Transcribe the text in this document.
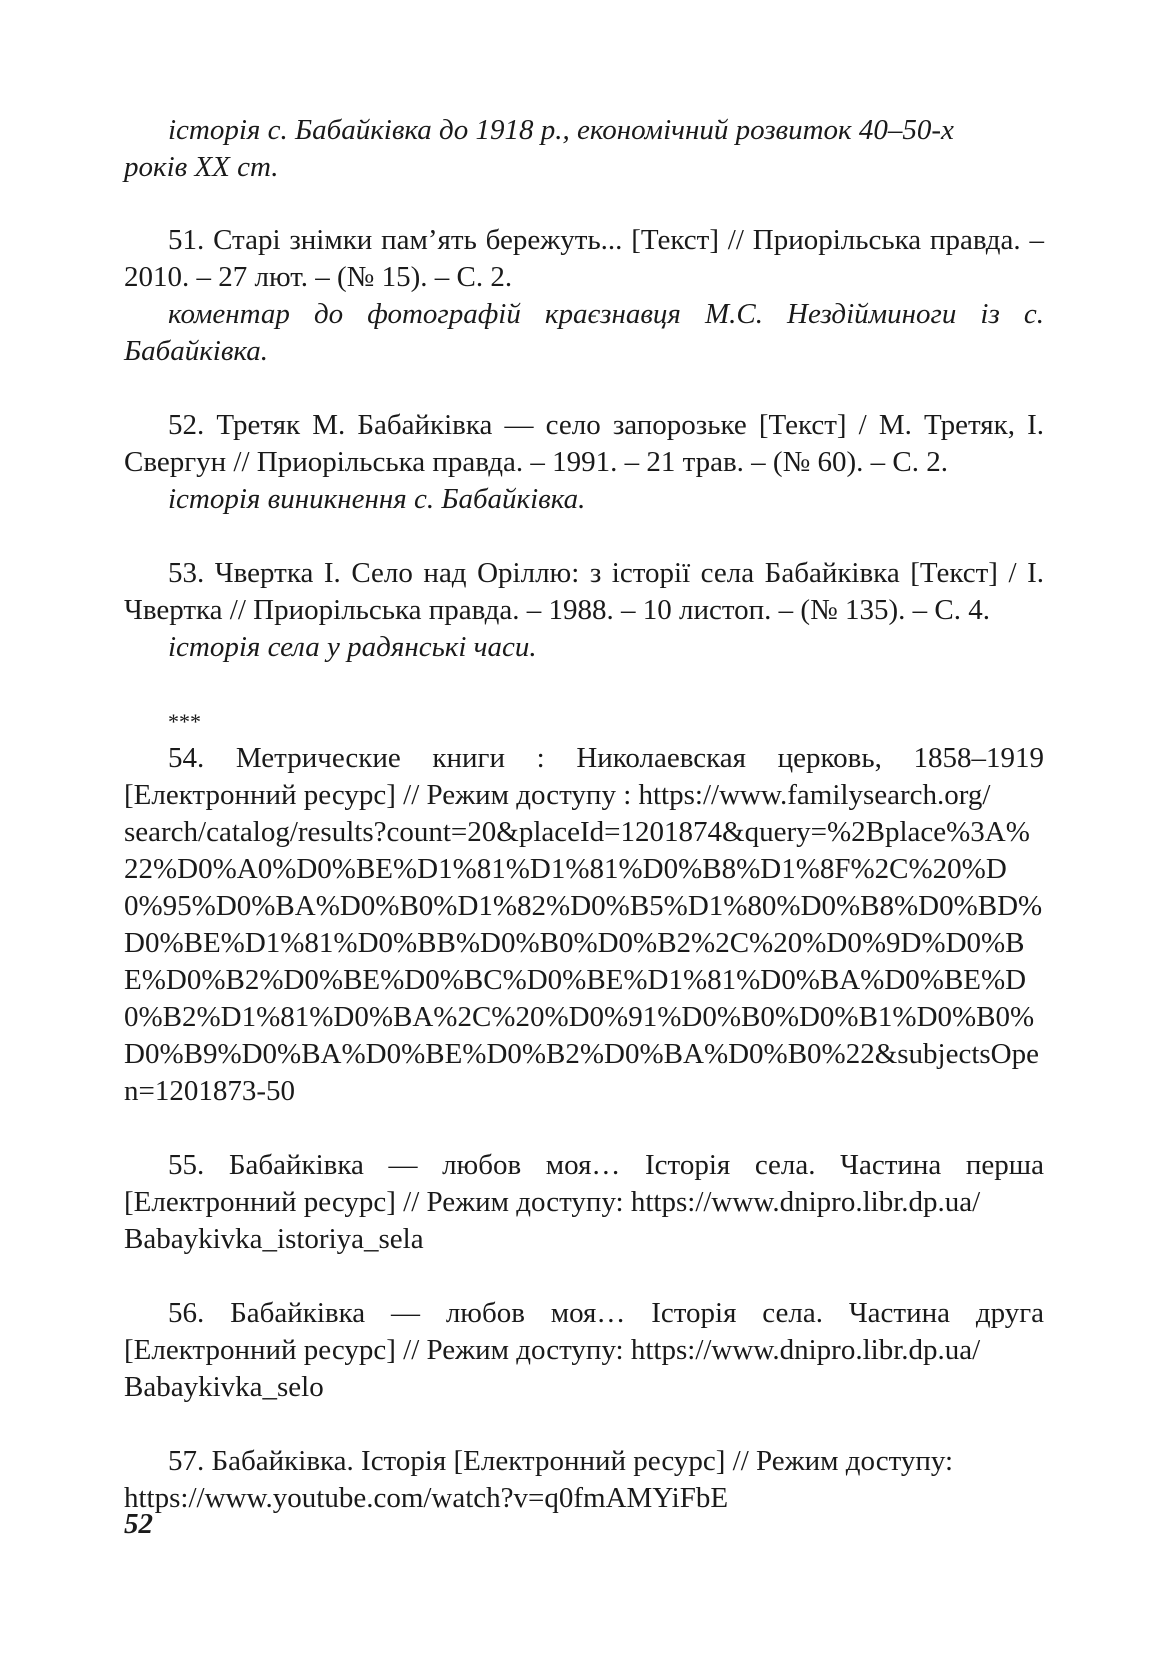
історія с. Бабайківка до 1918 р., економічний розвиток 40–50-х

років XX ст.

51. Старі знімки пам’ять бережуть... [Текст] // Приорільська правда. – 2010. – 27 лют. – (№ 15). – С. 2.

коментар до фотографій краєзнавця М.С. Нездійминоги із с. Бабайківка.

52. Третяк М. Бабайківка — село запорозьке [Текст] / М. Третяк, І. Свергун // Приорільська правда. – 1991. – 21 трав. – (№ 60). – С. 2.

історія виникнення с. Бабайківка.

53. Чвертка І. Село над Оріллю: з історії села Бабайківка [Текст] / І. Чвертка // Приорільська правда. – 1988. – 10 листоп. – (№ 135). – С. 4.

історія села у радянські часи.

***

54. Метрические книги : Николаевская церковь, 1858–1919 [Електронний ресурс] // Режим доступу : https://www.familysearch.org/

search/catalog/results?count=20&placeId=1201874&query=%2Bplace%3A%22%D0%A0%D0%BE%D1%81%D1%81%D0%B8%D1%8F%2C%20%D0%95%D0%BA%D0%B0%D1%82%D0%B5%D1%80%D0%B8%D0%BD%D0%BE%D1%81%D0%BB%D0%B0%D0%B2%2C%20%D0%9D%D0%BE%D0%B2%D0%BE%D0%BC%D0%BE%D1%81%D0%BA%D0%BE%D0%B2%D1%81%D0%BA%2C%20%D0%91%D0%B0%D0%B1%D0%B0%D0%B9%D0%BA%D0%BE%D0%B2%D0%BA%D0%B0%22&subjectsOpen=1201873-50

55. Бабайківка — любов моя… Історія села. Частина перша [Електронний ресурс] // Режим доступу: https://www.dnipro.libr.dp.ua/

Babaykivka_istoriya_sela

56. Бабайківка — любов моя… Історія села. Частина друга [Електронний ресурс] // Режим доступу: https://www.dnipro.libr.dp.ua/

Babaykivka_selo

57. Бабайківка. Історія [Електронний ресурс] // Режим доступу:

https://www.youtube.com/watch?v=q0fmAMYiFbE

52
